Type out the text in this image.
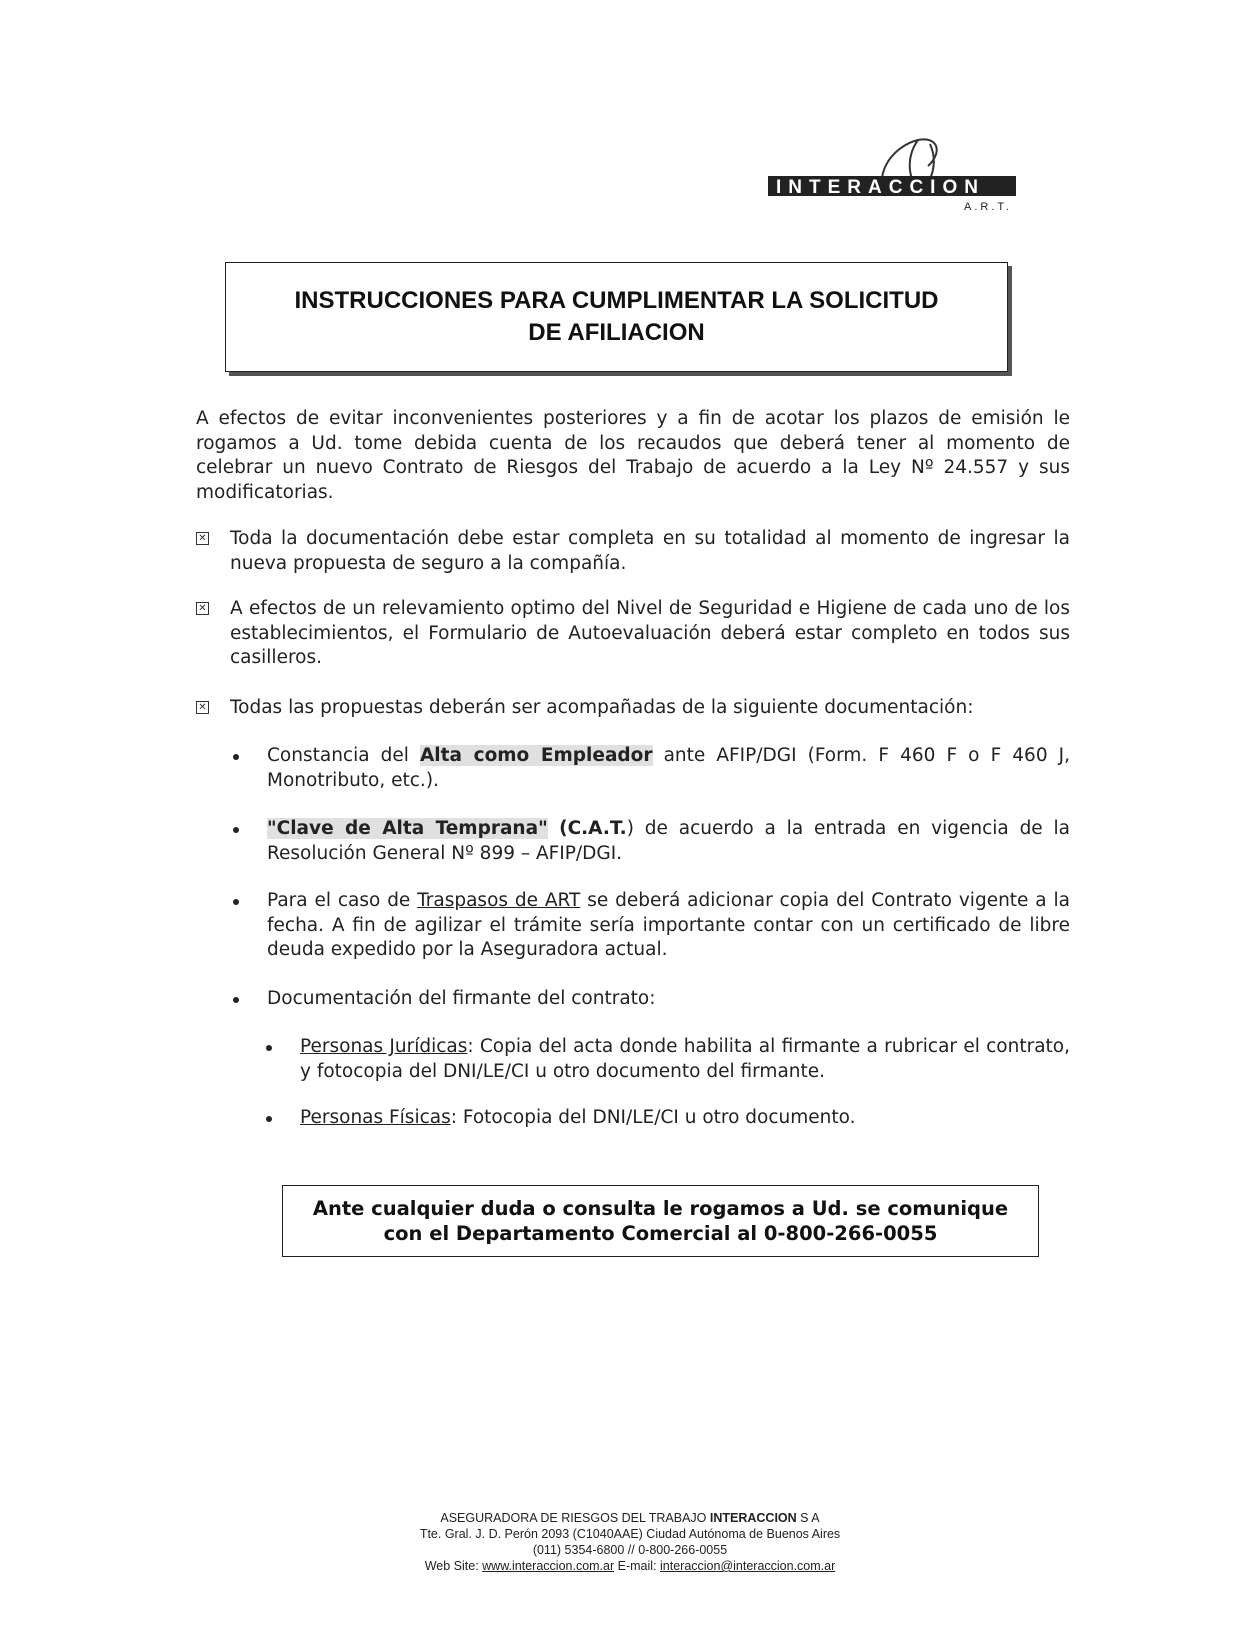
INTERACCION
A.R.T.
INSTRUCCIONES PARA CUMPLIMENTAR LA SOLICITUD
DE AFILIACION
A efectos de evitar inconvenientes posteriores y a fin de acotar los plazos de emisión le rogamos a Ud. tome debida cuenta de los recaudos que deberá tener al momento de celebrar un nuevo Contrato de Riesgos del Trabajo de acuerdo a la Ley Nº 24.557 y sus modificatorias.
✕ Toda la documentación debe estar completa en su totalidad al momento de ingresar la nueva propuesta de seguro a la compañía.
✕ A efectos de un relevamiento optimo del Nivel de Seguridad e Higiene de cada uno de los establecimientos, el Formulario de Autoevaluación deberá estar completo en todos sus casilleros.
✕ Todas las propuestas deberán ser acompañadas de la siguiente documentación:
Constancia del Alta como Empleador ante AFIP/DGI (Form. F 460 F o F 460 J, Monotributo, etc.).
"Clave de Alta Temprana" (C.A.T.) de acuerdo a la entrada en vigencia de la Resolución General Nº 899 – AFIP/DGI.
Para el caso de Traspasos de ART se deberá adicionar copia del Contrato vigente a la fecha. A fin de agilizar el trámite sería importante contar con un certificado de libre deuda expedido por la Aseguradora actual.
Documentación del firmante del contrato:
Personas Jurídicas: Copia del acta donde habilita al firmante a rubricar el contrato, y fotocopia del DNI/LE/CI u otro documento del firmante.
Personas Físicas: Fotocopia del DNI/LE/CI u otro documento.
Ante cualquier duda o consulta le rogamos a Ud. se comunique
con el Departamento Comercial al 0-800-266-0055
ASEGURADORA DE RIESGOS DEL TRABAJO INTERACCION S A
Tte. Gral. J. D. Perón 2093 (C1040AAE) Ciudad Autónoma de Buenos Aires
(011) 5354-6800 // 0-800-266-0055
Web Site: www.interaccion.com.ar E-mail: interaccion@interaccion.com.ar
